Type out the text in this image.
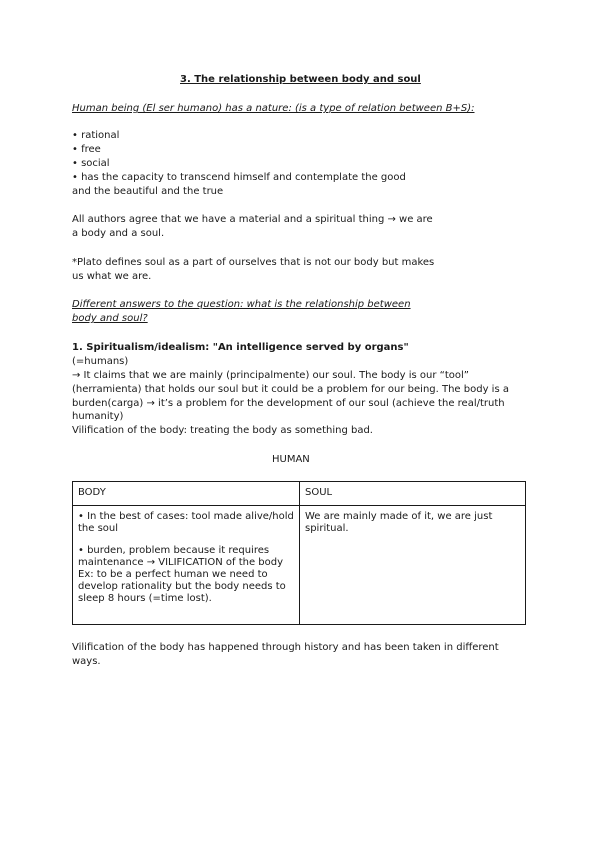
3. The relationship between body and soul

Human being (El ser humano) has a nature: (is a type of relation between B+S):

• rational

• free

• social

• has the capacity to transcend himself and contemplate the good

and the beautiful and the true

All authors agree that we have a material and a spiritual thing → we are

a body and a soul.

*Plato defines soul as a part of ourselves that is not our body but makes

us what we are.

Different answers to the question: what is the relationship between

body and soul?

1. Spiritualism/idealism: "An intelligence served by organs"

(=humans)

→ It claims that we are mainly (principalmente) our soul. The body is our “tool”

(herramienta) that holds our soul but it could be a problem for our being. The body is a

burden(carga) → it’s a problem for the development of our soul (achieve the real/truth

humanity)

Vilification of the body: treating the body as something bad.

HUMAN

BODY	SOUL

• In the best of cases: tool made alive/hold the soul

• burden, problem because it requires maintenance → VILIFICATION of the body Ex: to be a perfect human we need to develop rationality but the body needs to sleep 8 hours (=time lost).	We are mainly made of it, we are just spiritual.

Vilification of the body has happened through history and has been taken in different

ways.
